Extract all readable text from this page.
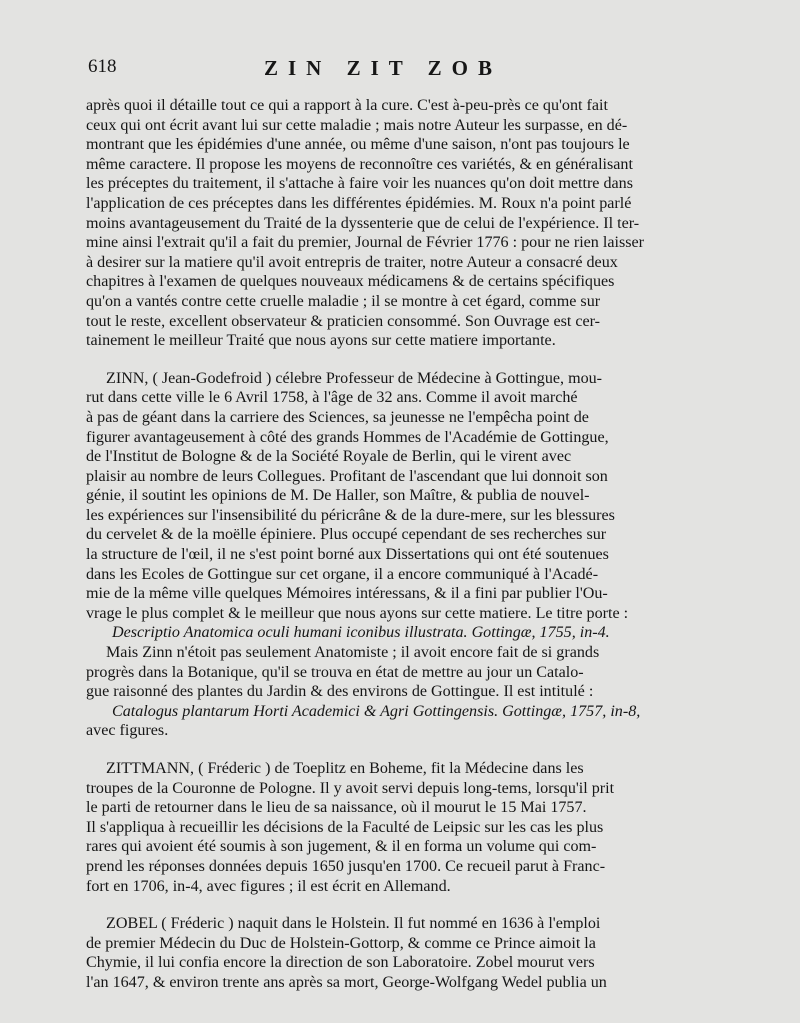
618	ZIN ZIT ZOB

après quoi il détaille tout ce qui a rapport à la cure. C'est à-peu-près ce qu'ont fait
ceux qui ont écrit avant lui sur cette maladie ; mais notre Auteur les surpasse, en dé-
montrant que les épidémies d'une année, ou même d'une saison, n'ont pas toujours le
même caractere. Il propose les moyens de reconnoître ces variétés, & en généralisant
les préceptes du traitement, il s'attache à faire voir les nuances qu'on doit mettre dans
l'application de ces préceptes dans les différentes épidémies. M. Roux n'a point parlé
moins avantageusement du Traité de la dyssenterie que de celui de l'expérience. Il ter-
mine ainsi l'extrait qu'il a fait du premier, Journal de Février 1776 : pour ne rien laisser
à desirer sur la matiere qu'il avoit entrepris de traiter, notre Auteur a consacré deux
chapitres à l'examen de quelques nouveaux médicamens & de certains spécifiques
qu'on a vantés contre cette cruelle maladie ; il se montre à cet égard, comme sur
tout le reste, excellent observateur & praticien consommé. Son Ouvrage est cer-
tainement le meilleur Traité que nous ayons sur cette matiere importante.

ZINN, ( Jean-Godefroid ) célebre Professeur de Médecine à Gottingue, mou-
rut dans cette ville le 6 Avril 1758, à l'âge de 32 ans. Comme il avoit marché
à pas de géant dans la carriere des Sciences, sa jeunesse ne l'empêcha point de
figurer avantageusement à côté des grands Hommes de l'Académie de Gottingue,
de l'Institut de Bologne & de la Société Royale de Berlin, qui le virent avec
plaisir au nombre de leurs Collegues. Profitant de l'ascendant que lui donnoit son
génie, il soutint les opinions de M. De Haller, son Maître, & publia de nouvel-
les expériences sur l'insensibilité du péricrâne & de la dure-mere, sur les blessures
du cervelet & de la moëlle épiniere. Plus occupé cependant de ses recherches sur
la structure de l'œil, il ne s'est point borné aux Dissertations qui ont été soutenues
dans les Ecoles de Gottingue sur cet organe, il a encore communiqué à l'Acadé-
mie de la même ville quelques Mémoires intéressans, & il a fini par publier l'Ou-
vrage le plus complet & le meilleur que nous ayons sur cette matiere. Le titre porte :
Descriptio Anatomica oculi humani iconibus illustrata. Gottingæ, 1755, in-4.
Mais Zinn n'étoit pas seulement Anatomiste ; il avoit encore fait de si grands
progrès dans la Botanique, qu'il se trouva en état de mettre au jour un Catalo-
gue raisonné des plantes du Jardin & des environs de Gottingue. Il est intitulé :
Catalogus plantarum Horti Academici & Agri Gottingensis. Gottingæ, 1757, in-8,
avec figures.

ZITTMANN, ( Fréderic ) de Toeplitz en Boheme, fit la Médecine dans les
troupes de la Couronne de Pologne. Il y avoit servi depuis long-tems, lorsqu'il prit
le parti de retourner dans le lieu de sa naissance, où il mourut le 15 Mai 1757.
Il s'appliqua à recueillir les décisions de la Faculté de Leipsic sur les cas les plus
rares qui avoient été soumis à son jugement, & il en forma un volume qui com-
prend les réponses données depuis 1650 jusqu'en 1700. Ce recueil parut à Franc-
fort en 1706, in-4, avec figures ; il est écrit en Allemand.

ZOBEL ( Fréderic ) naquit dans le Holstein. Il fut nommé en 1636 à l'emploi
de premier Médecin du Duc de Holstein-Gottorp, & comme ce Prince aimoit la
Chymie, il lui confia encore la direction de son Laboratoire. Zobel mourut vers
l'an 1647, & environ trente ans après sa mort, George-Wolfgang Wedel publia un
